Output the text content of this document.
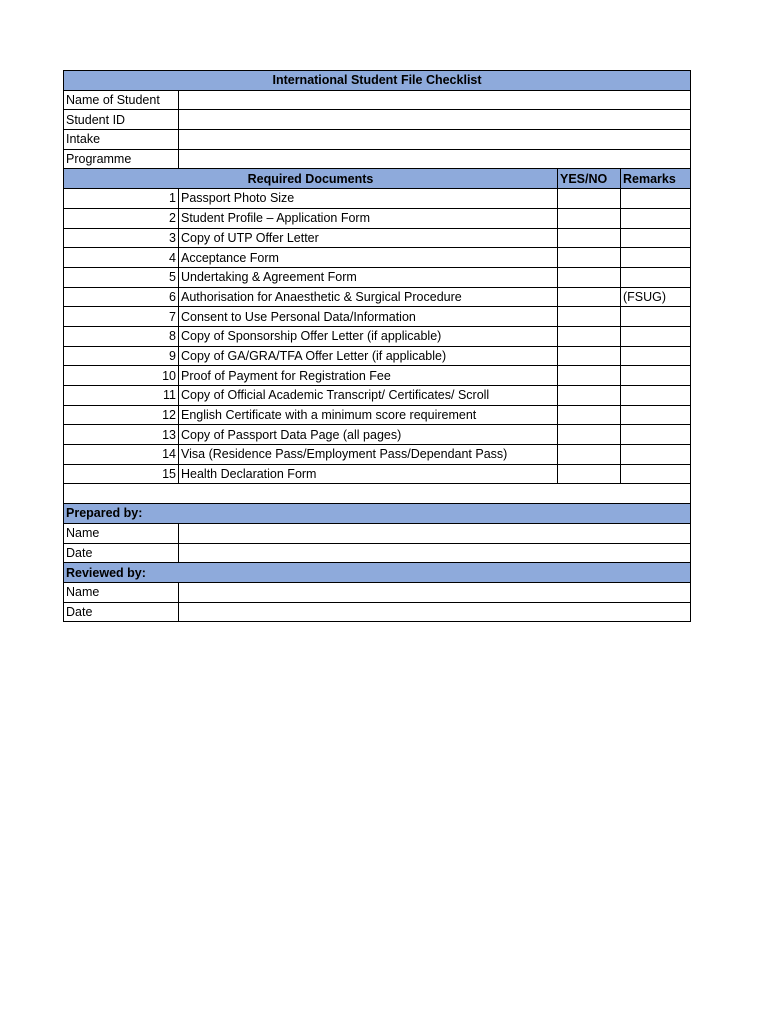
International Student File Checklist			
Name of Student			
Student ID			
Intake			
Programme			
Required Documents		YES/NO	Remarks
1	Passport Photo Size		
2	Student Profile – Application Form		
3	Copy of UTP Offer Letter		
4	Acceptance Form		
5	Undertaking & Agreement Form		
6	Authorisation for Anaesthetic & Surgical Procedure		(FSUG)
7	Consent to Use Personal Data/Information		
8	Copy of Sponsorship Offer Letter (if applicable)		
9	Copy of GA/GRA/TFA Offer Letter (if applicable)		
10	Proof of Payment for Registration Fee		
11	Copy of Official Academic Transcript/ Certificates/ Scroll		
12	English Certificate with a minimum score requirement		
13	Copy of Passport Data Page (all pages)		
14	Visa (Residence Pass/Employment Pass/Dependant Pass)		
15	Health Declaration Form		

Prepared by:			
Name			
Date			
Reviewed by:			
Name			
Date			
